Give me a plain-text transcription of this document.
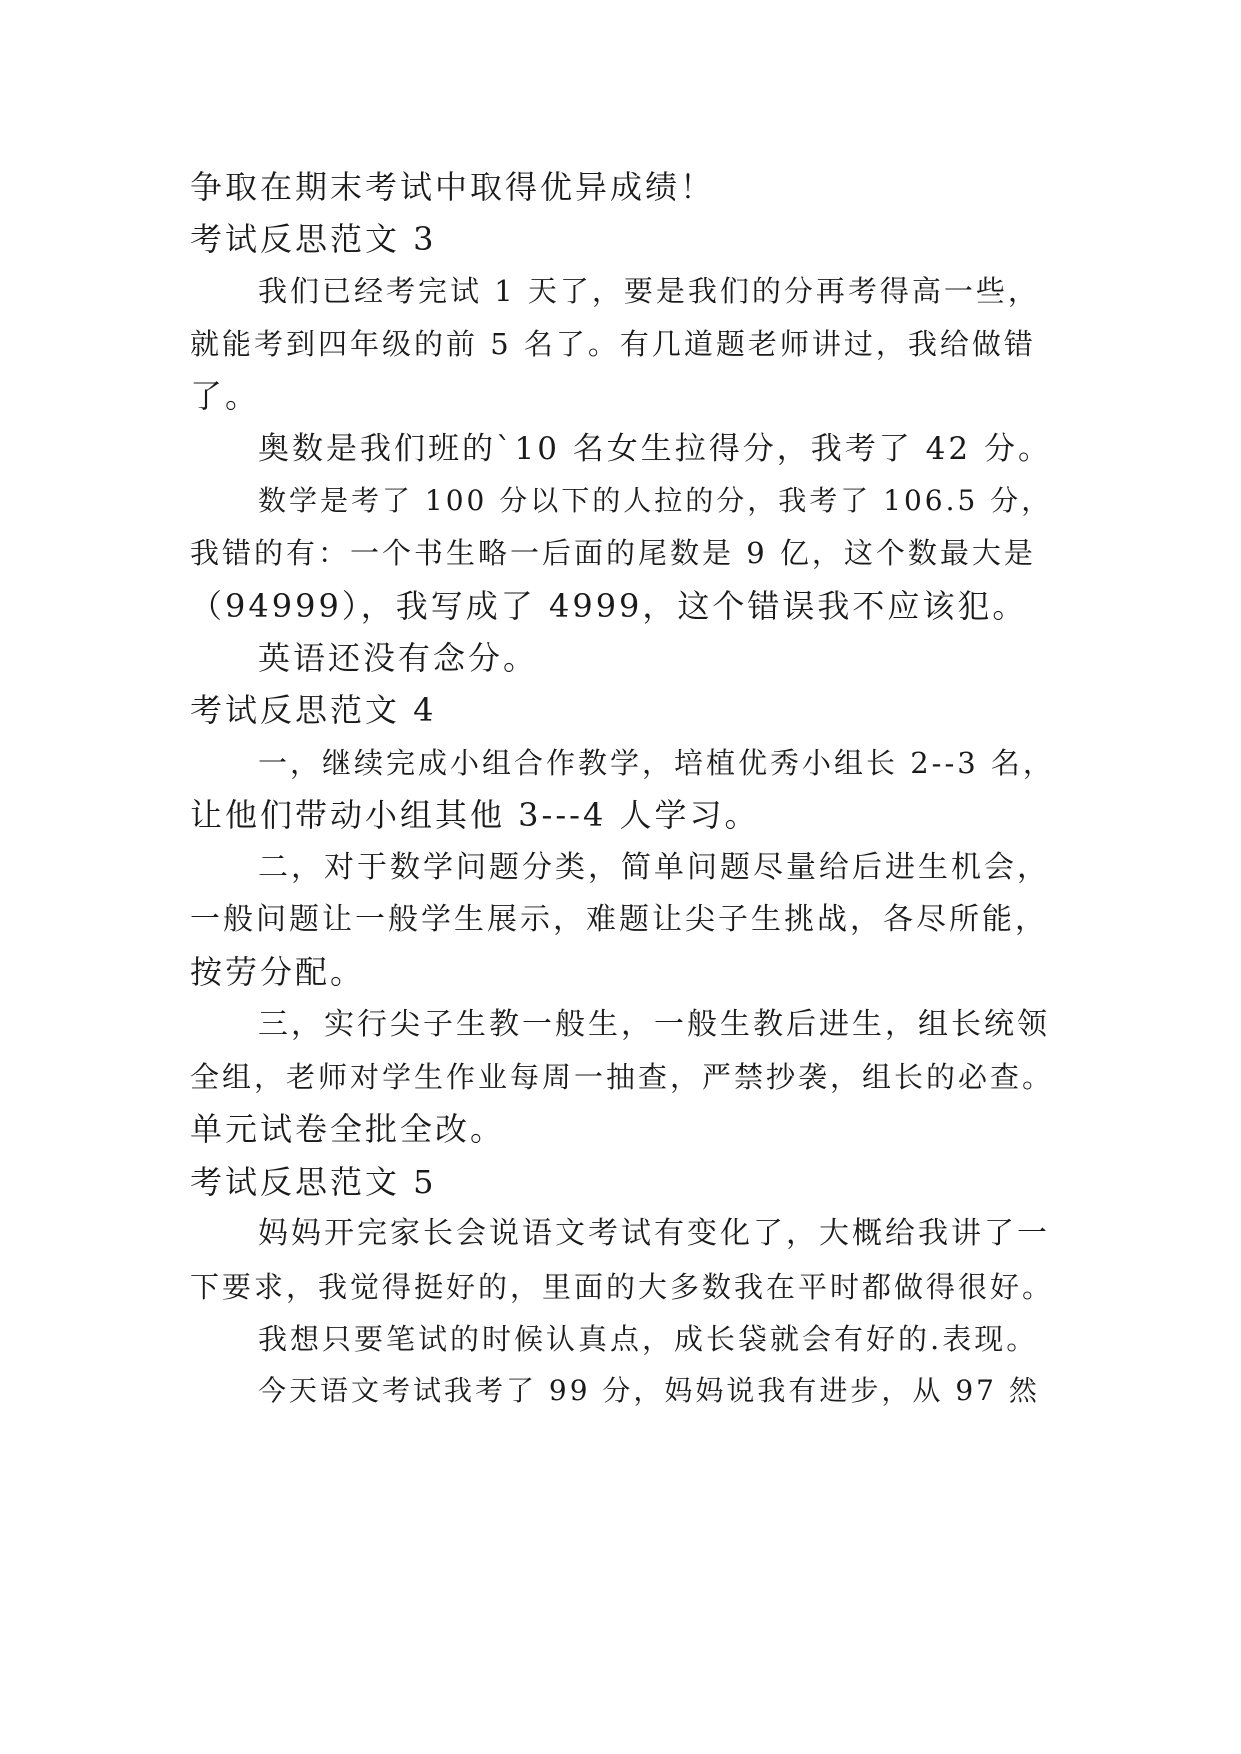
争取在期末考试中取得优异成绩！
考试反思范文 3
我们已经考完试 1 天了，要是我们的分再考得高一些，
就能考到四年级的前 5 名了。有几道题老师讲过，我给做错
了。
奥数是我们班的`10 名女生拉得分，我考了 42 分。
数学是考了 100 分以下的人拉的分，我考了 106.5 分，
我错的有：一个书生略一后面的尾数是 9 亿，这个数最大是
（94999），我写成了 4999，这个错误我不应该犯。
英语还没有念分。
考试反思范文 4
一，继续完成小组合作教学，培植优秀小组长 2--3 名，
让他们带动小组其他 3---4 人学习。
二，对于数学问题分类，简单问题尽量给后进生机会，
一般问题让一般学生展示，难题让尖子生挑战，各尽所能，
按劳分配。
三，实行尖子生教一般生，一般生教后进生，组长统领
全组，老师对学生作业每周一抽查，严禁抄袭，组长的必查。
单元试卷全批全改。
考试反思范文 5
妈妈开完家长会说语文考试有变化了，大概给我讲了一
下要求，我觉得挺好的，里面的大多数我在平时都做得很好。
我想只要笔试的时候认真点，成长袋就会有好的.表现。
今天语文考试我考了 99 分，妈妈说我有进步，从 97 然
